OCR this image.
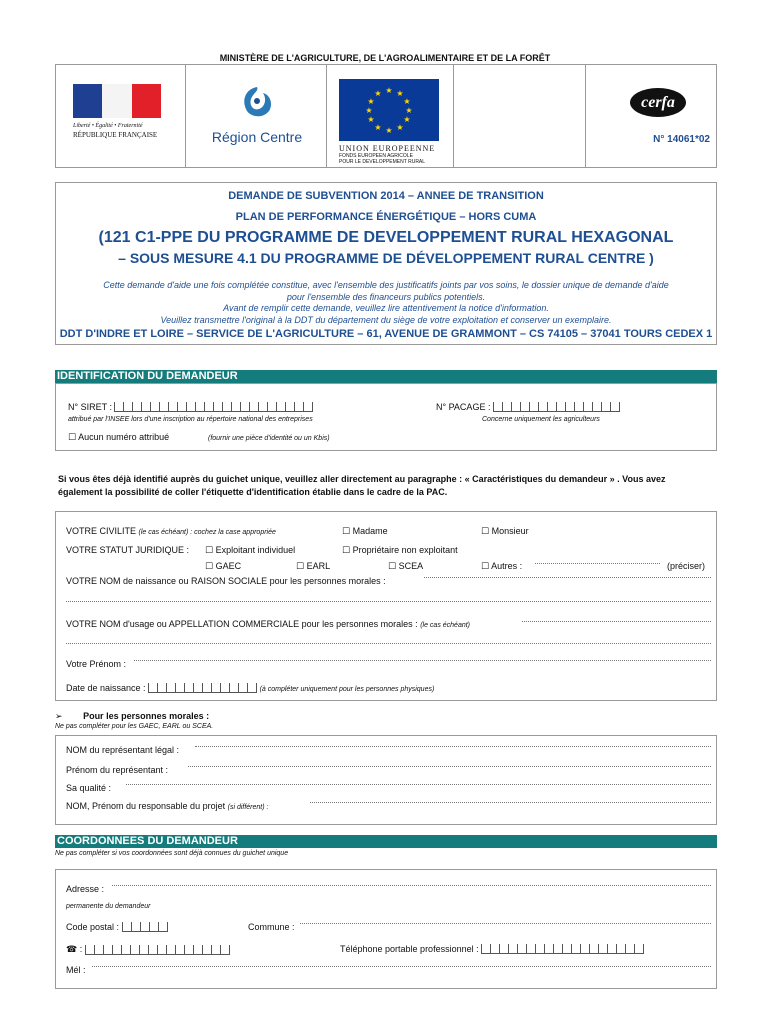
MINISTÈRE DE L'AGRICULTURE, DE L'AGROALIMENTAIRE ET DE LA FORÊT
Liberté • Égalité • Fraternité
RÉPUBLIQUE FRANÇAISE	Région Centre
★ ★
★
★
★
★
★
★
★
★
★
★
UNION EUROPEENNE
FONDS EUROPEEN AGRICOLE
POUR LE DEVELOPPEMENT RURAL
cerfa
N° 14061*02
DEMANDE DE SUBVENTION 2014 – ANNEE DE TRANSITION
PLAN DE PERFORMANCE ÉNERGÉTIQUE – HORS CUMA
(121 C1-PPE DU PROGRAMME DE DEVELOPPEMENT RURAL HEXAGONAL
– SOUS MESURE 4.1 DU PROGRAMME DE DÉVELOPPEMENT RURAL CENTRE )
Cette demande d'aide une fois complétée constitue, avec l'ensemble des justificatifs joints par vos soins, le dossier unique de demande d'aide
pour l'ensemble des financeurs publics potentiels.
Avant de remplir cette demande, veuillez lire attentivement la notice d'information.
Veuillez transmettre l'original à la DDT du département du siège de votre exploitation et conserver un exemplaire.
DDT D'INDRE ET LOIRE – SERVICE DE L'AGRICULTURE – 61, AVENUE DE GRAMMONT – CS 74105 – 37041 TOURS CEDEX 1
IDENTIFICATION DU DEMANDEUR
N° SIRET :
attribué par l'INSEE lors d'une inscription au répertoire national des entreprises
N° PACAGE :
Concerne uniquement les agriculteurs
☐ Aucun numéro attribué	(fournir une pièce d'identité ou un Kbis)
Si vous êtes déjà identifié auprès du guichet unique, veuillez aller directement au paragraphe : « Caractéristiques du demandeur » . Vous avez également la possibilité de coller l'étiquette d'identification établie dans le cadre de la PAC.
VOTRE CIVILITE (le cas échéant) : cochez la case appropriée	☐ Madame	☐ Monsieur
VOTRE STATUT JURIDIQUE : ☐ Exploitant individuel	☐ Propriétaire non exploitant
☐ GAEC	☐ EARL	☐ SCEA	☐ Autres :	(préciser)
VOTRE NOM de naissance ou RAISON SOCIALE pour les personnes morales :
VOTRE NOM d'usage ou APPELLATION COMMERCIALE pour les personnes morales : (le cas échéant)
Votre Prénom :
Date de naissance :	(à compléter uniquement pour les personnes physiques)
➢ Pour les personnes morales :
Ne pas compléter pour les GAEC, EARL ou SCEA.
NOM du représentant légal :
Prénom du représentant :
Sa qualité :
NOM, Prénom du responsable du projet (si différent) :
COORDONNEES DU DEMANDEUR
Ne pas compléter si vos coordonnées sont déjà connues du guichet unique
Adresse :
permanente du demandeur
Code postal :	Commune :
☎ :	Téléphone portable professionnel :
Mél :
